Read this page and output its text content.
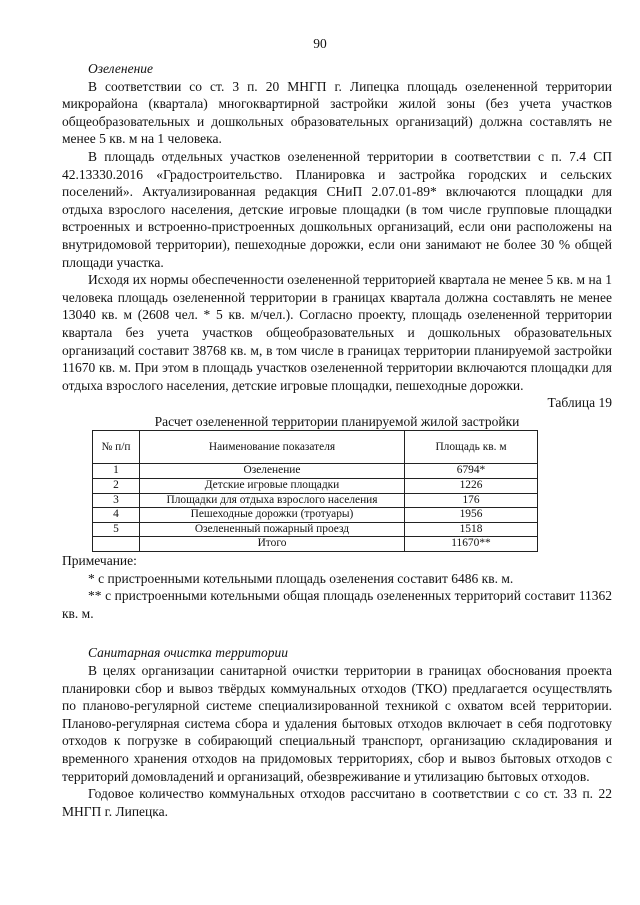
90

Озеленение

В соответствии со ст. 3 п. 20 МНГП г. Липецка площадь озелененной территории микрорайона (квартала) многоквартирной застройки жилой зоны (без учета участков общеобразовательных и дошкольных образовательных организаций) должна составлять не менее 5 кв. м на 1 человека.

В площадь отдельных участков озелененной территории в соответствии с п. 7.4 СП 42.13330.2016 «Градостроительство. Планировка и застройка городских и сельских поселений». Актуализированная редакция СНиП 2.07.01-89* включаются площадки для отдыха взрослого населения, детские игровые площадки (в том числе групповые площадки встроенных и встроенно-пристроенных дошкольных организаций, если они расположены на внутридомовой территории), пешеходные дорожки, если они занимают не более 30 % общей площади участка.

Исходя их нормы обеспеченности озелененной территорией квартала не менее 5 кв. м на 1 человека площадь озелененной территории в границах квартала должна составлять не менее 13040 кв. м (2608 чел. * 5 кв. м/чел.). Согласно проекту, площадь озелененной территории квартала без учета участков общеобразовательных и дошкольных образовательных организаций составит 38768 кв. м, в том числе в границах территории планируемой застройки 11670 кв. м. При этом в площадь участков озелененной территории включаются площадки для отдыха взрослого населения, детские игровые площадки, пешеходные дорожки.

Таблица 19
Расчет озелененной территории планируемой жилой застройки
№ п/п	Наименование показателя	Площадь кв. м
1	Озеленение	6794*
2	Детские игровые площадки	1226
3	Площадки для отдыха взрослого населения	176
4	Пешеходные дорожки (тротуары)	1956
5	Озелененный пожарный проезд	1518
	Итого	11670**

Примечание:

* с пристроенными котельными площадь озеленения составит 6486 кв. м.

** с пристроенными котельными общая площадь озелененных территорий составит 11362 кв. м.

Санитарная очистка территории

В целях организации санитарной очистки территории в границах обоснования проекта планировки сбор и вывоз твёрдых коммунальных отходов (ТКО) предлагается осуществлять по планово-регулярной системе специализированной техникой с охватом всей территории. Планово-регулярная система сбора и удаления бытовых отходов включает в себя подготовку отходов к погрузке в собирающий специальный транспорт, организацию складирования и временного хранения отходов на придомовых территориях, сбор и вывоз бытовых отходов с территорий домовладений и организаций, обезвреживание и утилизацию бытовых отходов.

Годовое количество коммунальных отходов рассчитано в соответствии с со ст. 33 п. 22 МНГП г. Липецка.
